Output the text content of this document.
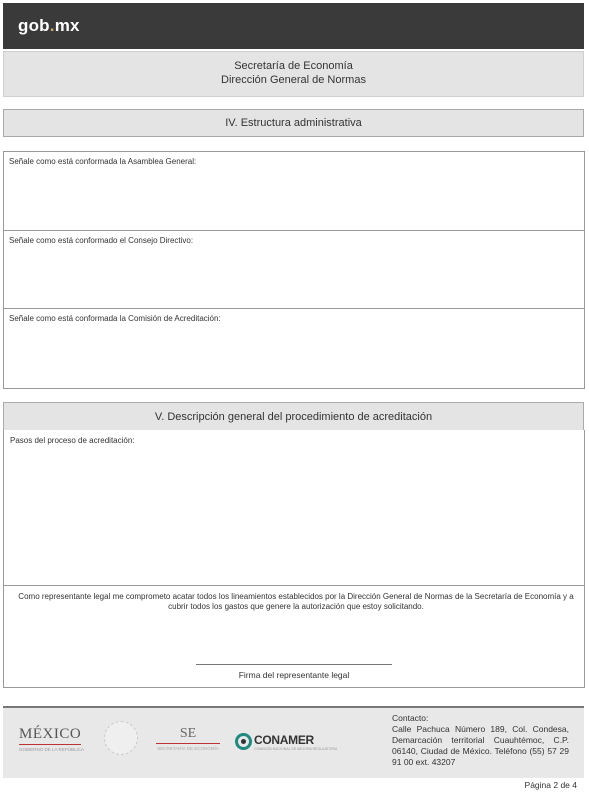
gob.mx
Secretaría de Economía
Dirección General de Normas
IV. Estructura administrativa
Señale como está conformada la Asamblea General:
Señale como está conformado el Consejo Directivo:
Señale como está conformada la Comisión de Acreditación:
V. Descripción general del procedimiento de acreditación
Pasos del proceso de acreditación:
Como representante legal me comprometo acatar todos los lineamientos establecidos por la Dirección General de Normas de la Secretaría de Economía y a cubrir todos los gastos que genere la autorización que estoy solicitando.
Firma del representante legal
MÉXICO
GOBIERNO DE LA REPÚBLICA
SE
SECRETARÍA DE ECONOMÍA
CONAMER
COMISIÓN NACIONAL DE MEJORA REGULATORIA
Contacto:
Calle Pachuca Número 189, Col. Condesa, Demarcación territorial Cuauhtémoc, C.P. 06140, Ciudad de México. Teléfono (55) 57 29 91 00 ext. 43207
Página 2 de 4
